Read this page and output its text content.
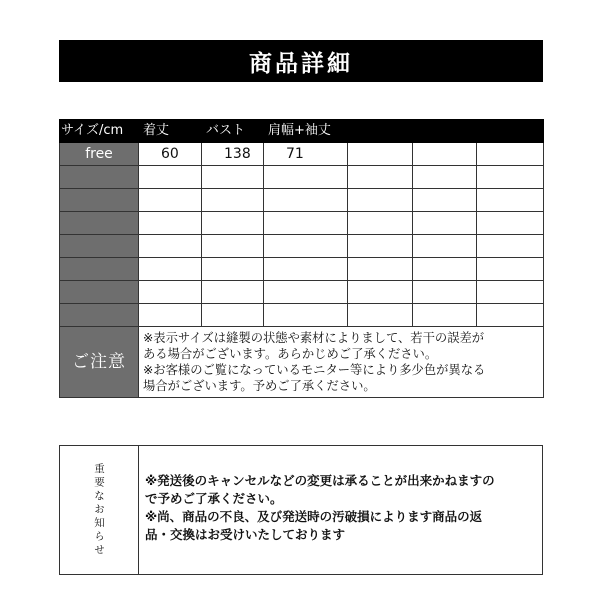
商品詳細
サイズ/cm	着丈	バスト	肩幅+袖丈			
free	60	138	71			

ご注意	※表示サイズは縫製の状態や素材によりまして、若干の誤差が

ある場合がございます。あらかじめご了承ください。

※お客様のご覧になっているモニター等により多少色が異なる

場合がございます。予めご了承ください。					

重要なお知らせ	※発送後のキャンセルなどの変更は承ることが出来かねますの

で予めご了承ください。

※尚、商品の不良、及び発送時の汚破損によります商品の返

品・交換はお受けいたしております
